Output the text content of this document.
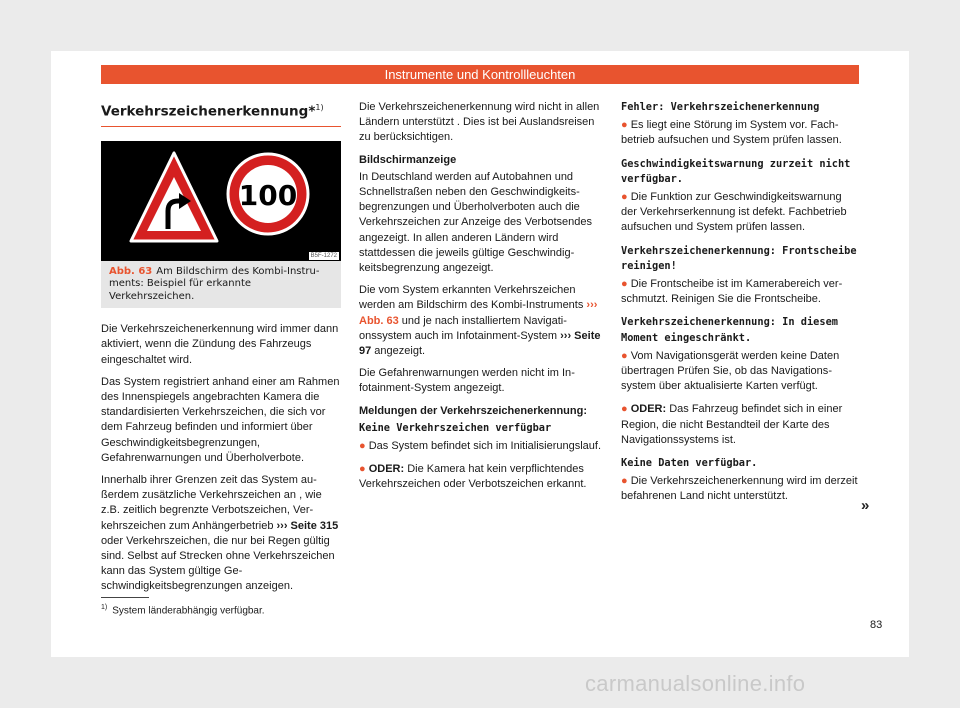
Instrumente und Kontrollleuchten
Verkehrszeichenerkennung*$^{1)}$
100
B5F-1272
Abb. 63 Am Bildschirm des Kombi-Instruments: Beispiel für erkannte Verkehrszeichen.

Die Verkehrszeichenerkennung wird immer dann aktiviert, wenn die Zündung des Fahrzeugs eingeschaltet wird.

Das System registriert anhand einer am Rahmen des Innenspiegels angebrachten Kamera die standardisierten Verkehrszeichen, die sich vor dem Fahrzeug befinden und informiert über Geschwindigkeitsbegrenzungen, Gefahrenwarnungen und Überholverbote.

Innerhalb ihrer Grenzen zeit das System außerdem zusätzliche Verkehrszeichen an , wie z.B. zeitlich begrenzte Verbotszeichen, Verkehrszeichen zum Anhängerbetrieb ››› Seite 315 oder Verkehrszeichen, die nur bei Regen gültig sind. Selbst auf Strecken ohne Verkehrszeichen kann das System gültige Geschwindigkeitsbegrenzungen anzeigen.

Die Verkehrszeichenerkennung wird nicht in allen Ländern unterstützt . Dies ist bei Auslandsreisen zu berücksichtigen.

Bildschirmanzeige

In Deutschland werden auf Autobahnen und Schnellstraßen neben den Geschwindigkeitsbegrenzungen und Überholverboten auch die Verkehrszeichen zur Anzeige des Verbotsendes angezeigt. In allen anderen Ländern wird stattdessen die jeweils gültige Geschwindigkeitsbegrenzung angezeigt.

Die vom System erkannten Verkehrszeichen werden am Bildschirm des Kombi-Instruments ››› Abb. 63 und je nach installiertem Navigationssystem auch im Infotainment-System ››› Seite 97 angezeigt.

Die Gefahrenwarnungen werden nicht im Infotainment-System angezeigt.

Meldungen der Verkehrszeichenerkennung:

Keine Verkehrszeichen verfügbar

● Das System befindet sich im Initialisierungslauf.

● ODER: Die Kamera hat kein verpflichtendes Verkehrszeichen oder Verbotszeichen erkannt.

Fehler: Verkehrszeichenerkennung

● Es liegt eine Störung im System vor. Fachbetrieb aufsuchen und System prüfen lassen.

Geschwindigkeitswarnung zurzeit nicht verfügbar.

● Die Funktion zur Geschwindigkeitswarnung der Verkehrserkennung ist defekt. Fachbetrieb aufsuchen und System prüfen lassen.

Verkehrszeichenerkennung: Frontscheibe reinigen!

● Die Frontscheibe ist im Kamerabereich verschmutzt. Reinigen Sie die Frontscheibe.

Verkehrszeichenerkennung: In diesem Moment eingeschränkt.

● Vom Navigationsgerät werden keine Daten übertragen Prüfen Sie, ob das Navigationssystem über aktualisierte Karten verfügt.

● ODER: Das Fahrzeug befindet sich in einer Region, die nicht Bestandteil der Karte des Navigationssystems ist.

Keine Daten verfügbar.

● Die Verkehrszeichenerkennung wird im derzeit befahrenen Land nicht unterstützt.

»
$^{1)}$ System länderabhängig verfügbar.
83
carmanualsonline.info
